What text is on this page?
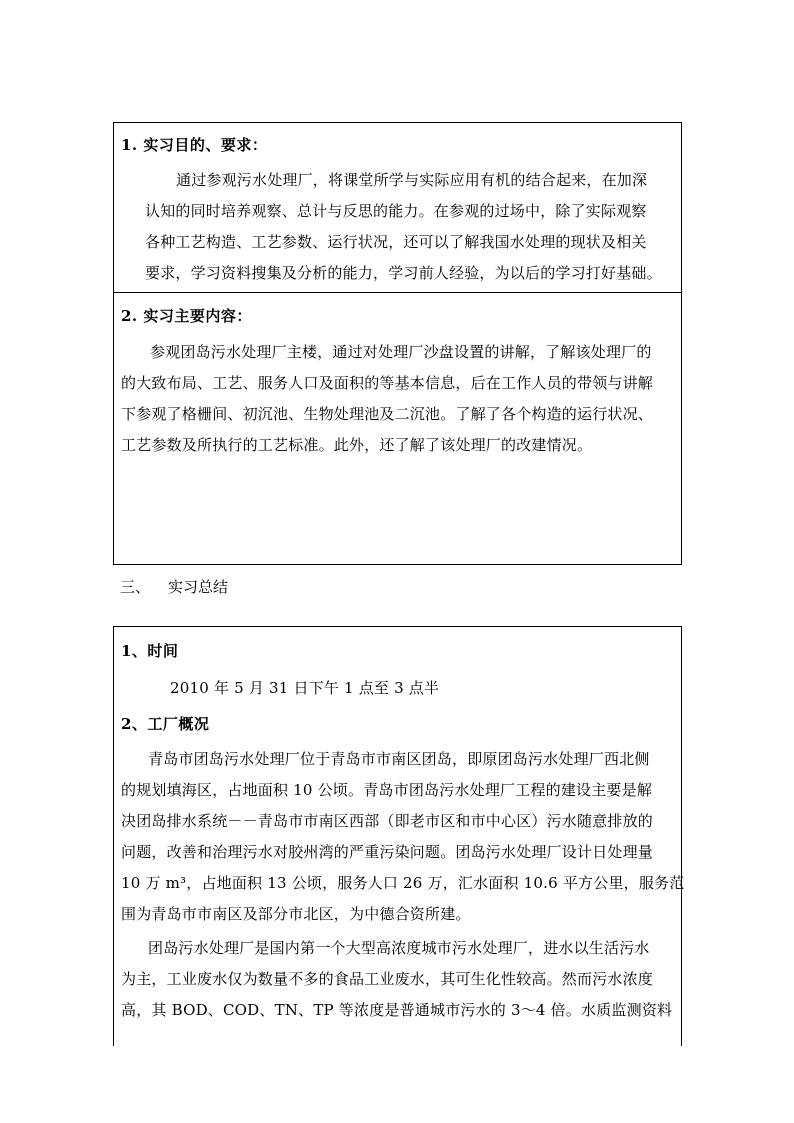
1. 实习目的、要求：
通过参观污水处理厂，将课堂所学与实际应用有机的结合起来，在加深
认知的同时培养观察、总计与反思的能力。在参观的过场中，除了实际观察
各种工艺构造、工艺参数、运行状况，还可以了解我国水处理的现状及相关
要求，学习资料搜集及分析的能力，学习前人经验，为以后的学习打好基础。
2. 实习主要内容：
参观团岛污水处理厂主楼，通过对处理厂沙盘设置的讲解，了解该处理厂的
的大致布局、工艺、服务人口及面积的等基本信息，后在工作人员的带领与讲解
下参观了格栅间、初沉池、生物处理池及二沉池。了解了各个构造的运行状况、
工艺参数及所执行的工艺标准。此外，还了解了该处理厂的改建情况。
三、 实习总结
1、时间
2010 年 5 月 31 日下午 1 点至 3 点半
2、工厂概况
青岛市团岛污水处理厂位于青岛市市南区团岛，即原团岛污水处理厂西北侧
的规划填海区，占地面积 10 公顷。青岛市团岛污水处理厂工程的建设主要是解
决团岛排水系统－－青岛市市南区西部（即老市区和市中心区）污水随意排放的
问题，改善和治理污水对胶州湾的严重污染问题。团岛污水处理厂设计日处理量
10 万 m³，占地面积 13 公顷，服务人口 26 万，汇水面积 10.6 平方公里，服务范
围为青岛市市南区及部分市北区，为中德合资所建。
团岛污水处理厂是国内第一个大型高浓度城市污水处理厂，进水以生活污水
为主，工业废水仅为数量不多的食品工业废水，其可生化性较高。然而污水浓度
高，其 BOD、COD、TN、TP 等浓度是普通城市污水的 3～4 倍。水质监测资料
